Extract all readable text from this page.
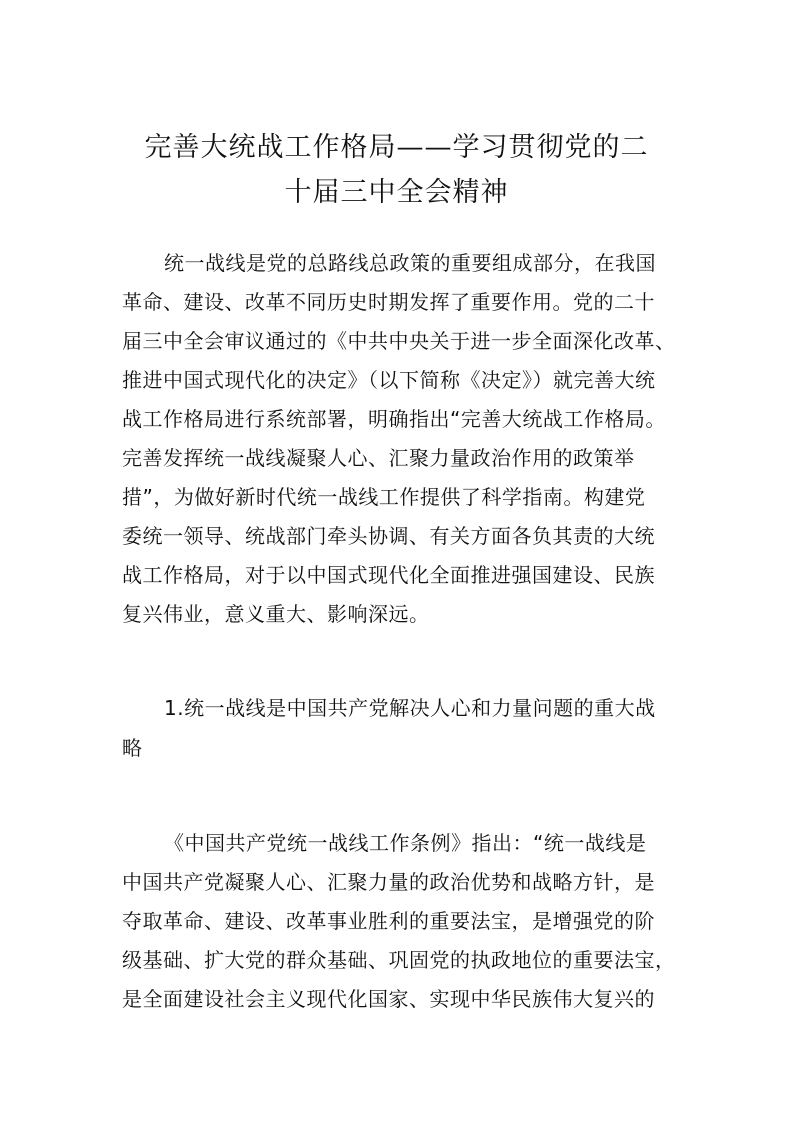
完善大统战工作格局——学习贯彻党的二
十届三中全会精神

统一战线是党的总路线总政策的重要组成部分，在我国

革命、建设、改革不同历史时期发挥了重要作用。党的二十

届三中全会审议通过的《中共中央关于进一步全面深化改革、

推进中国式现代化的决定》（以下简称《决定》）就完善大统

战工作格局进行系统部署，明确指出“完善大统战工作格局。

完善发挥统一战线凝聚人心、汇聚力量政治作用的政策举

措”，为做好新时代统一战线工作提供了科学指南。构建党

委统一领导、统战部门牵头协调、有关方面各负其责的大统

战工作格局，对于以中国式现代化全面推进强国建设、民族

复兴伟业，意义重大、影响深远。

1.统一战线是中国共产党解决人心和力量问题的重大战

略

《中国共产党统一战线工作条例》指出：“统一战线是

中国共产党凝聚人心、汇聚力量的政治优势和战略方针，是

夺取革命、建设、改革事业胜利的重要法宝，是增强党的阶

级基础、扩大党的群众基础、巩固党的执政地位的重要法宝，

是全面建设社会主义现代化国家、实现中华民族伟大复兴的
